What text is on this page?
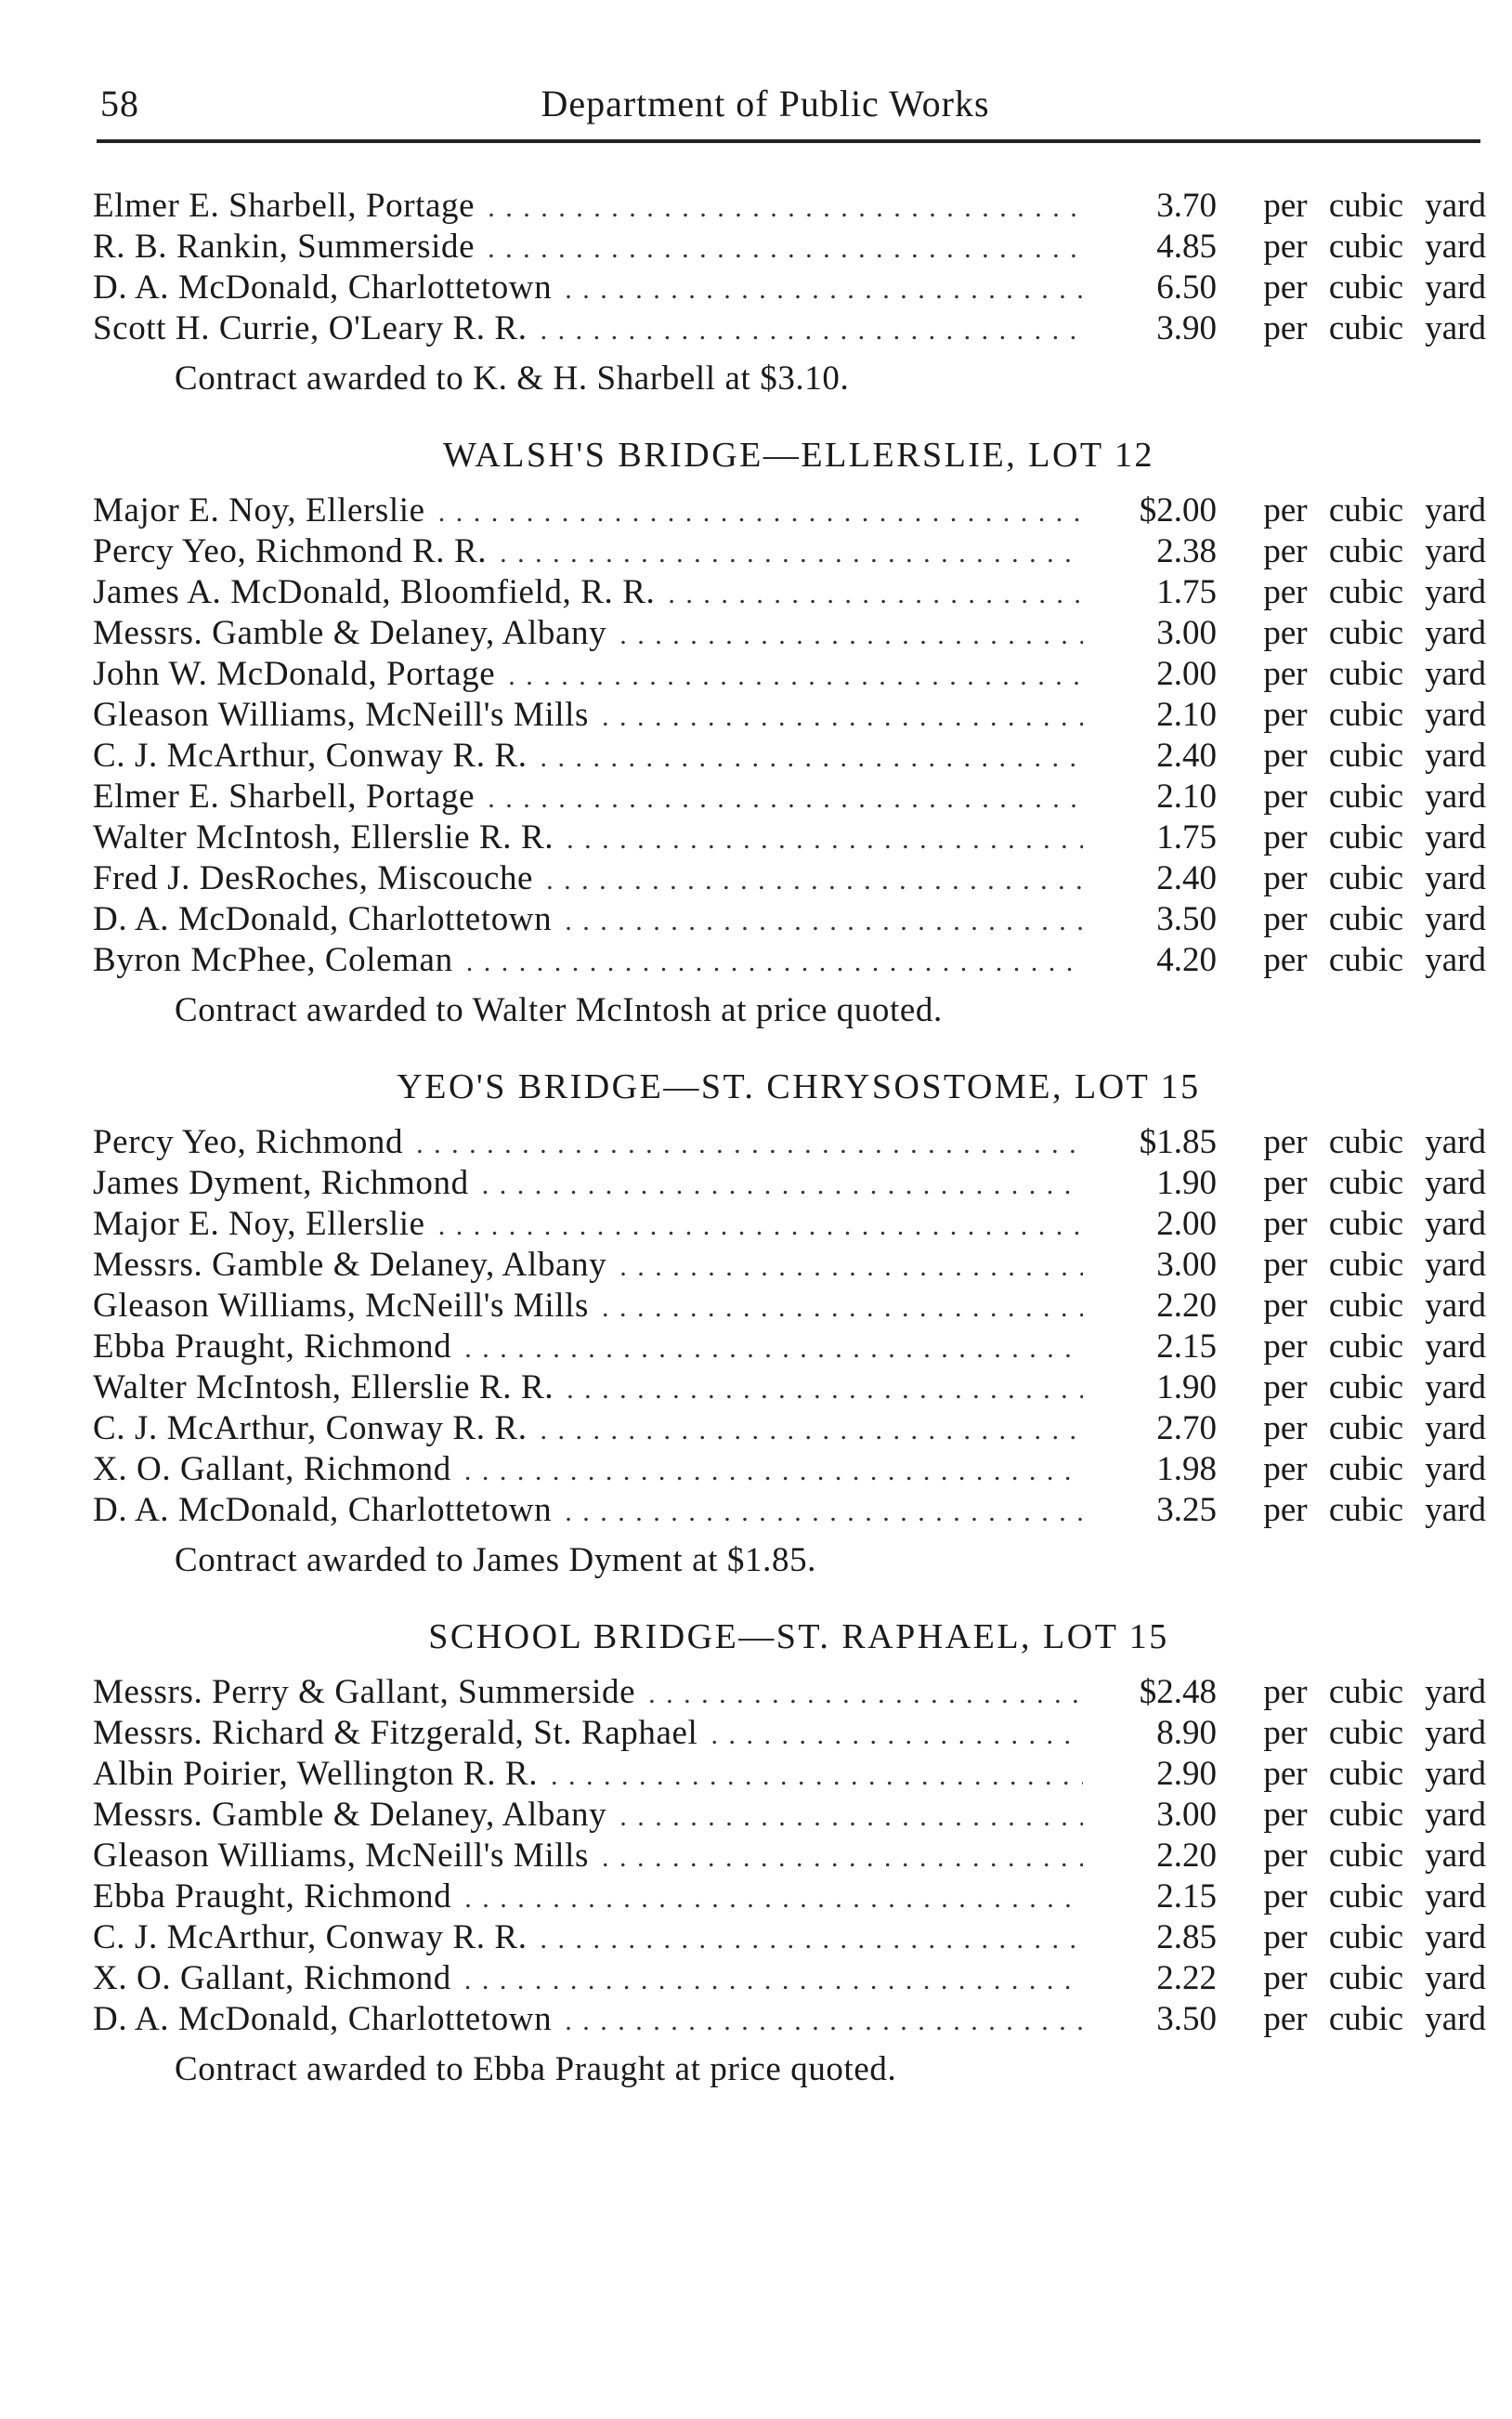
58	Department of Public Works
Elmer E. Sharbell, Portage . . .	3.70	per cubic yard
R. B. Rankin, Summerside . . .	4.85	per cubic yard
D. A. McDonald, Charlottetown . . .	6.50	per cubic yard
Scott H. Currie, O'Leary R. R. . . .	3.90	per cubic yard
Contract awarded to K. & H. Sharbell at $3.10.
WALSH'S BRIDGE—ELLERSLIE, LOT 12
Major E. Noy, Ellerslie . . .	$2.00	per cubic yard
Percy Yeo, Richmond R. R. . . .	2.38	per cubic yard
James A. McDonald, Bloomfield, R. R. . . .	1.75	per cubic yard
Messrs. Gamble & Delaney, Albany . . .	3.00	per cubic yard
John W. McDonald, Portage . . .	2.00	per cubic yard
Gleason Williams, McNeill's Mills . . .	2.10	per cubic yard
C. J. McArthur, Conway R. R. . . .	2.40	per cubic yard
Elmer E. Sharbell, Portage . . .	2.10	per cubic yard
Walter McIntosh, Ellerslie R. R. . . .	1.75	per cubic yard
Fred J. DesRoches, Miscouche . . .	2.40	per cubic yard
D. A. McDonald, Charlottetown . . .	3.50	per cubic yard
Byron McPhee, Coleman . . .	4.20	per cubic yard
Contract awarded to Walter McIntosh at price quoted.
YEO'S BRIDGE—ST. CHRYSOSTOME, LOT 15
Percy Yeo, Richmond . . .	$1.85	per cubic yard
James Dyment, Richmond . . .	1.90	per cubic yard
Major E. Noy, Ellerslie . . .	2.00	per cubic yard
Messrs. Gamble & Delaney, Albany . . .	3.00	per cubic yard
Gleason Williams, McNeill's Mills . . .	2.20	per cubic yard
Ebba Praught, Richmond . . .	2.15	per cubic yard
Walter McIntosh, Ellerslie R. R. . . .	1.90	per cubic yard
C. J. McArthur, Conway R. R. . . .	2.70	per cubic yard
X. O. Gallant, Richmond . . .	1.98	per cubic yard
D. A. McDonald, Charlottetown . . .	3.25	per cubic yard
Contract awarded to James Dyment at $1.85.
SCHOOL BRIDGE—ST. RAPHAEL, LOT 15
Messrs. Perry & Gallant, Summerside . . .	$2.48	per cubic yard
Messrs. Richard & Fitzgerald, St. Raphael . . .	8.90	per cubic yard
Albin Poirier, Wellington R. R. . . .	2.90	per cubic yard
Messrs. Gamble & Delaney, Albany . . .	3.00	per cubic yard
Gleason Williams, McNeill's Mills . . .	2.20	per cubic yard
Ebba Praught, Richmond . . .	2.15	per cubic yard
C. J. McArthur, Conway R. R. . . .	2.85	per cubic yard
X. O. Gallant, Richmond . . .	2.22	per cubic yard
D. A. McDonald, Charlottetown . . .	3.50	per cubic yard
Contract awarded to Ebba Praught at price quoted.
